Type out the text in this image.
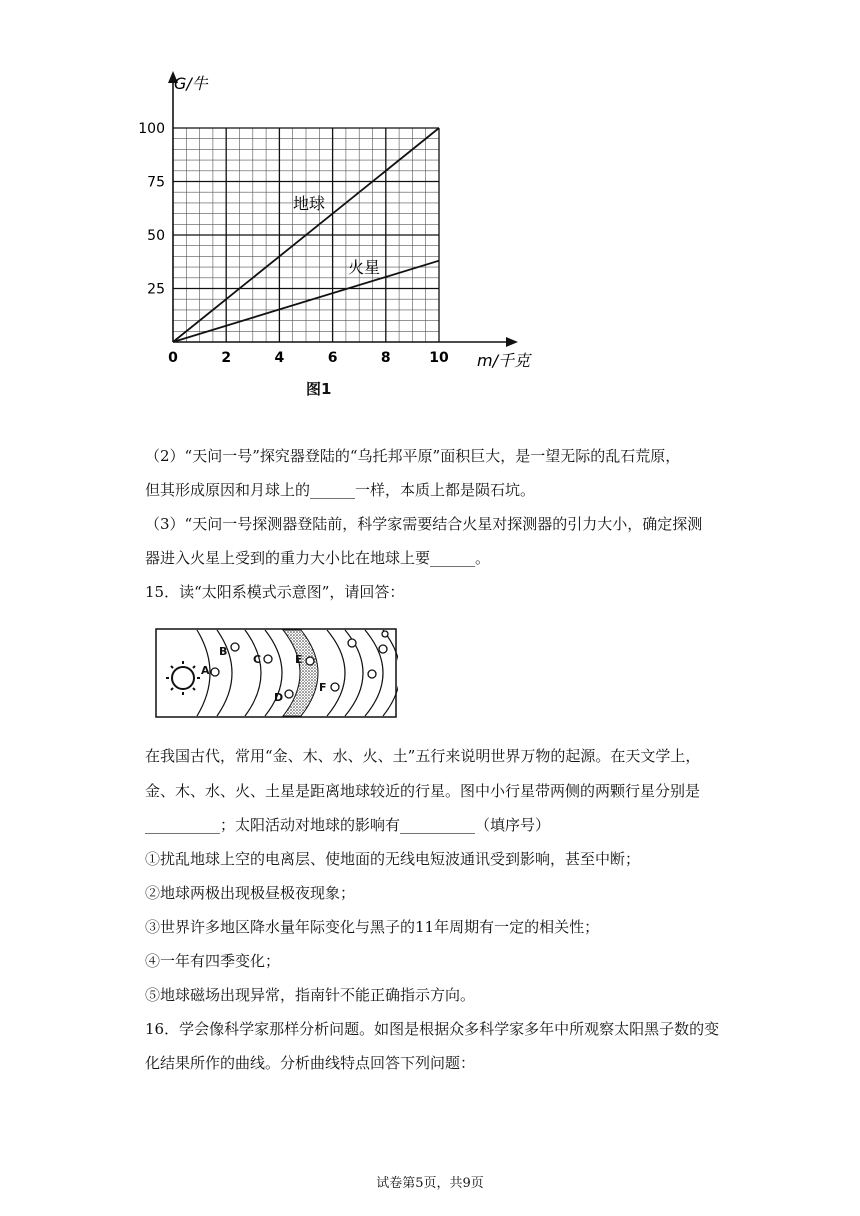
0	2	4	6	8	10
25
50
75
100
G/牛
m/千克
地球
火星
图1
（2）“天问一号”探究器登陆的“乌托邦平原”面积巨大，是一望无际的乱石荒原，
但其形成原因和月球上的______一样，本质上都是陨石坑。
（3）“天问一号探测器登陆前，科学家需要结合火星对探测器的引力大小，确定探测
器进入火星上受到的重力大小比在地球上要______。
15．读“太阳系模式示意图”，请回答：
A
B
C
D
E
F
在我国古代，常用“金、木、水、火、土”五行来说明世界万物的起源。在天文学上，
金、木、水、火、土星是距离地球较近的行星。图中小行星带两侧的两颗行星分别是
__________；太阳活动对地球的影响有__________（填序号）
①扰乱地球上空的电离层、使地面的无线电短波通讯受到影响，甚至中断；
②地球两极出现极昼极夜现象；
③世界许多地区降水量年际变化与黑子的11年周期有一定的相关性；
④一年有四季变化；
⑤地球磁场出现异常，指南针不能正确指示方向。
16．学会像科学家那样分析问题。如图是根据众多科学家多年中所观察太阳黑子数的变
化结果所作的曲线。分析曲线特点回答下列问题：
试卷第5页，共9页
